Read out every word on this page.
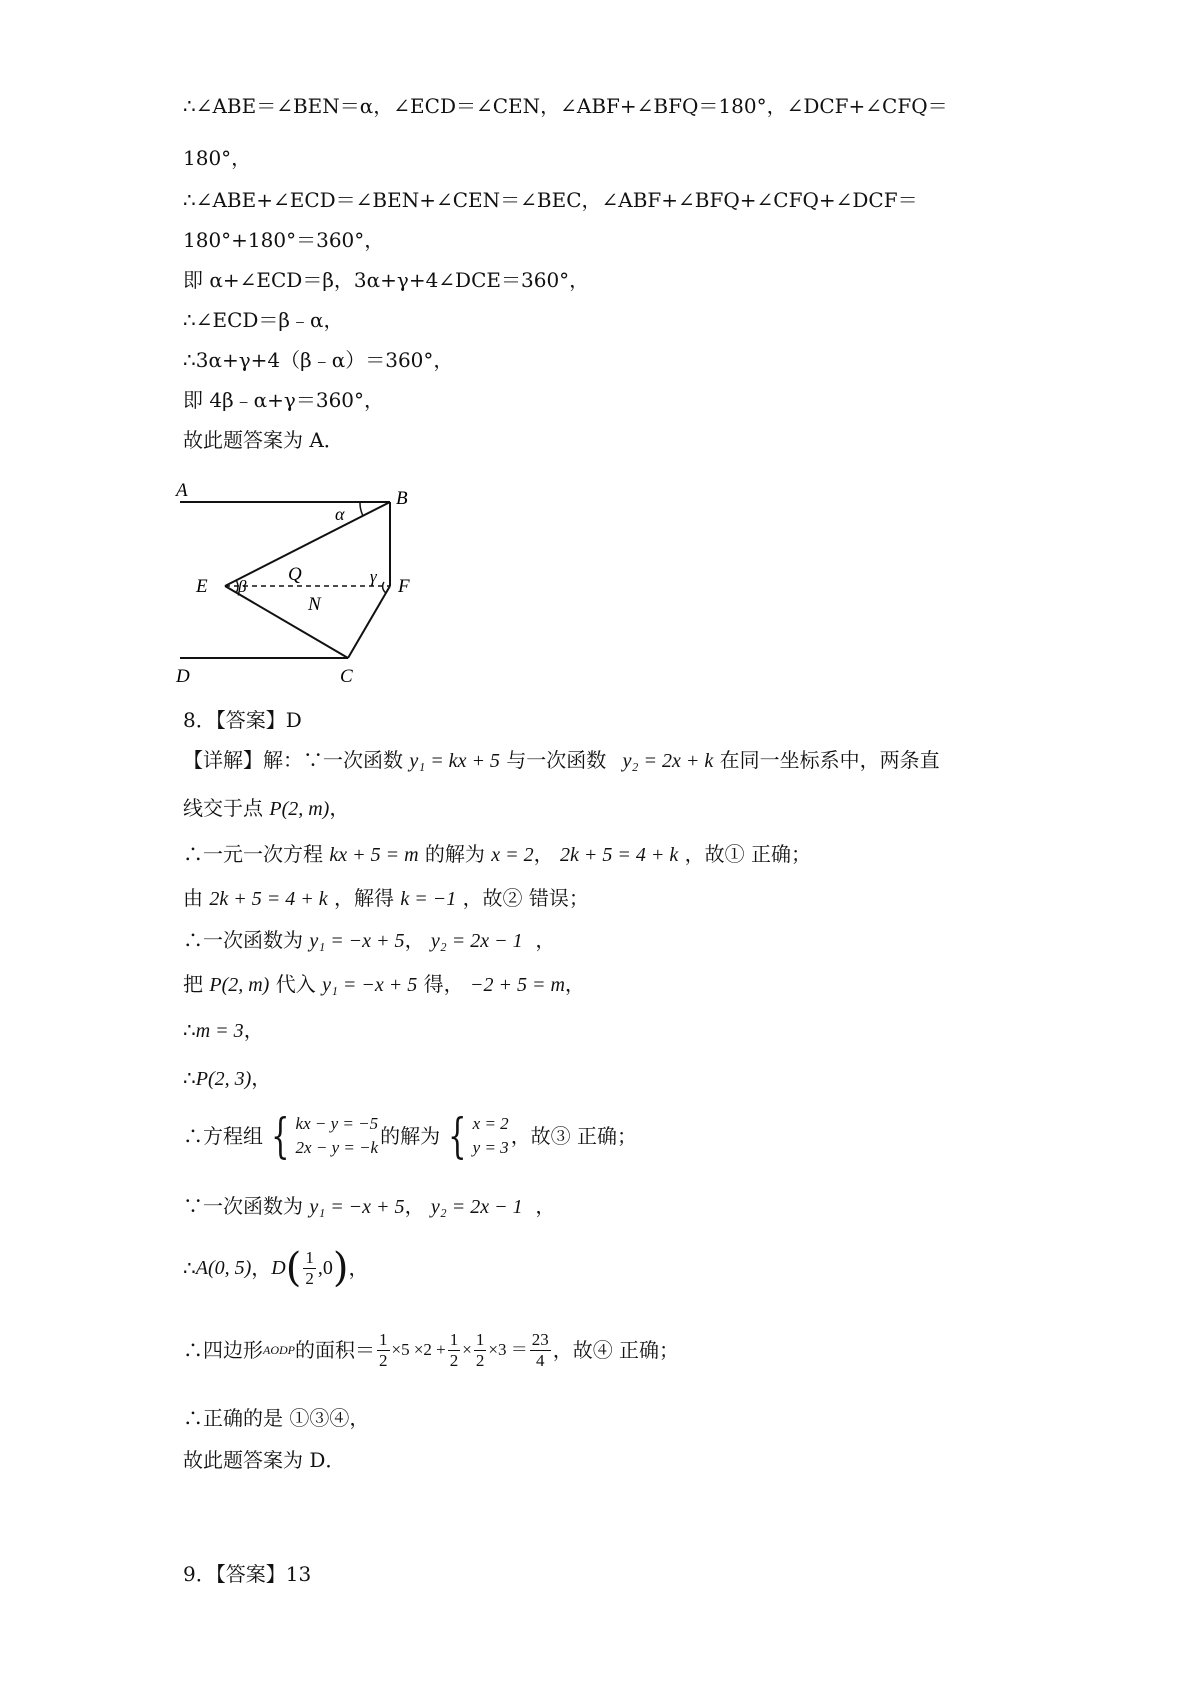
∴∠ABE＝∠BEN＝α，∠ECD＝∠CEN，∠ABF+∠BFQ＝180°，∠DCF+∠CFQ＝
180°，
∴∠ABE+∠ECD＝∠BEN+∠CEN＝∠BEC，∠ABF+∠BFQ+∠CFQ+∠DCF＝
180°+180°＝360°，
即 α+∠ECD＝β，3α+γ+4∠DCE＝360°，
∴∠ECD＝β﹣α，
∴3α+γ+4（β﹣α）＝360°，
即 4β﹣α+γ＝360°，
故此题答案为 A．
A	B
α
Q	γ
E β	F
N
D	C
8．【答案】D
【详解】解：∵一次函数 y₁ = kx + 5 与一次函数 y₂ = 2x + k 在同一坐标系中，两条直
线交于点 P(2, m)，
∴一元一次方程 kx + 5 = m 的解为 x = 2， 2k + 5 = 4 + k ，故① 正确；
由 2k + 5 = 4 + k ，解得 k = −1 ，故② 错误；
∴一次函数为 y₁ = −x + 5， y₂ = 2x − 1  ，
把 P(2, m) 代入 y₁ = −x + 5 得， −2 + 5 = m，
∴m = 3，
∴P(2, 3)，
∴方程组 { kx − y = −5
2x − y = −k 的解为 { x = 2
y = 3 ，故③ 正确；
∵一次函数为 y₁ = −x + 5， y₂ = 2x − 1  ，
∴ A(0, 5) ， D ( $\frac{1}{2} ,0$ ) ，
∴四边形 AODP 的面积＝ $\frac{1}{2} \times 5 \times 2 + \frac{1}{2} \times \frac{1}{2} \times 3 = \frac{23}{4}$ ，故④ 正确；
∴正确的是 ①③④，
故此题答案为 D．
9．【答案】13
